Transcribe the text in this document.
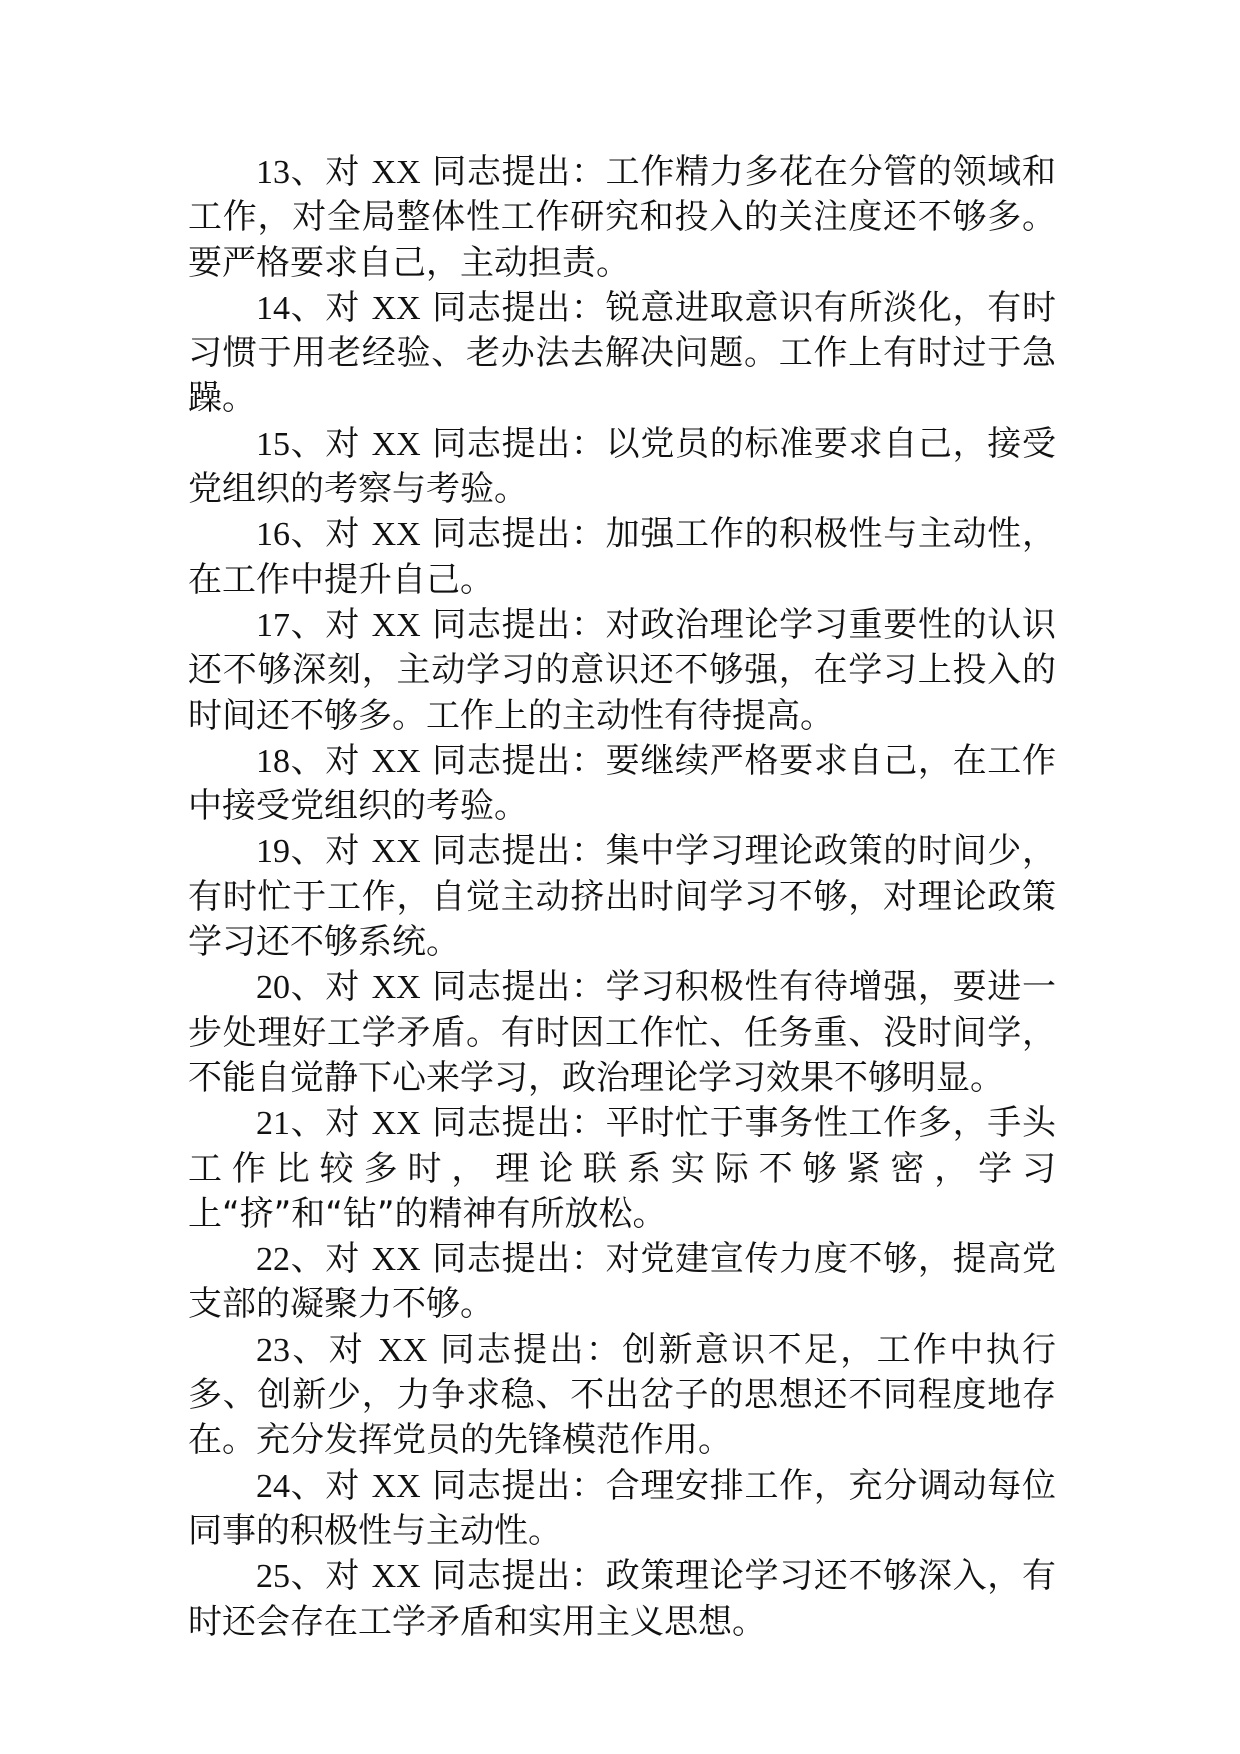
13、对 XX 同志提出：工作精力多花在分管的领域和工作，对全局整体性工作研究和投入的关注度还不够多。要严格要求自己，主动担责。

14、对 XX 同志提出：锐意进取意识有所淡化，有时习惯于用老经验、老办法去解决问题。工作上有时过于急躁。

15、对 XX 同志提出：以党员的标准要求自己，接受党组织的考察与考验。

16、对 XX 同志提出：加强工作的积极性与主动性，在工作中提升自己。

17、对 XX 同志提出：对政治理论学习重要性的认识还不够深刻，主动学习的意识还不够强，在学习上投入的时间还不够多。工作上的主动性有待提高。

18、对 XX 同志提出：要继续严格要求自己，在工作中接受党组织的考验。

19、对 XX 同志提出：集中学习理论政策的时间少，有时忙于工作，自觉主动挤出时间学习不够，对理论政策学习还不够系统。

20、对 XX 同志提出：学习积极性有待增强，要进一步处理好工学矛盾。有时因工作忙、任务重、没时间学，不能自觉静下心来学习，政治理论学习效果不够明显。

21、对 XX 同志提出：平时忙于事务性工作多，手头工作比较多时，理论联系实际不够紧密，学习上“挤”和“钻”的精神有所放松。

22、对 XX 同志提出：对党建宣传力度不够，提高党支部的凝聚力不够。

23、对 XX 同志提出：创新意识不足，工作中执行多、创新少，力争求稳、不出岔子的思想还不同程度地存在。充分发挥党员的先锋模范作用。

24、对 XX 同志提出：合理安排工作，充分调动每位同事的积极性与主动性。

25、对 XX 同志提出：政策理论学习还不够深入，有时还会存在工学矛盾和实用主义思想。
